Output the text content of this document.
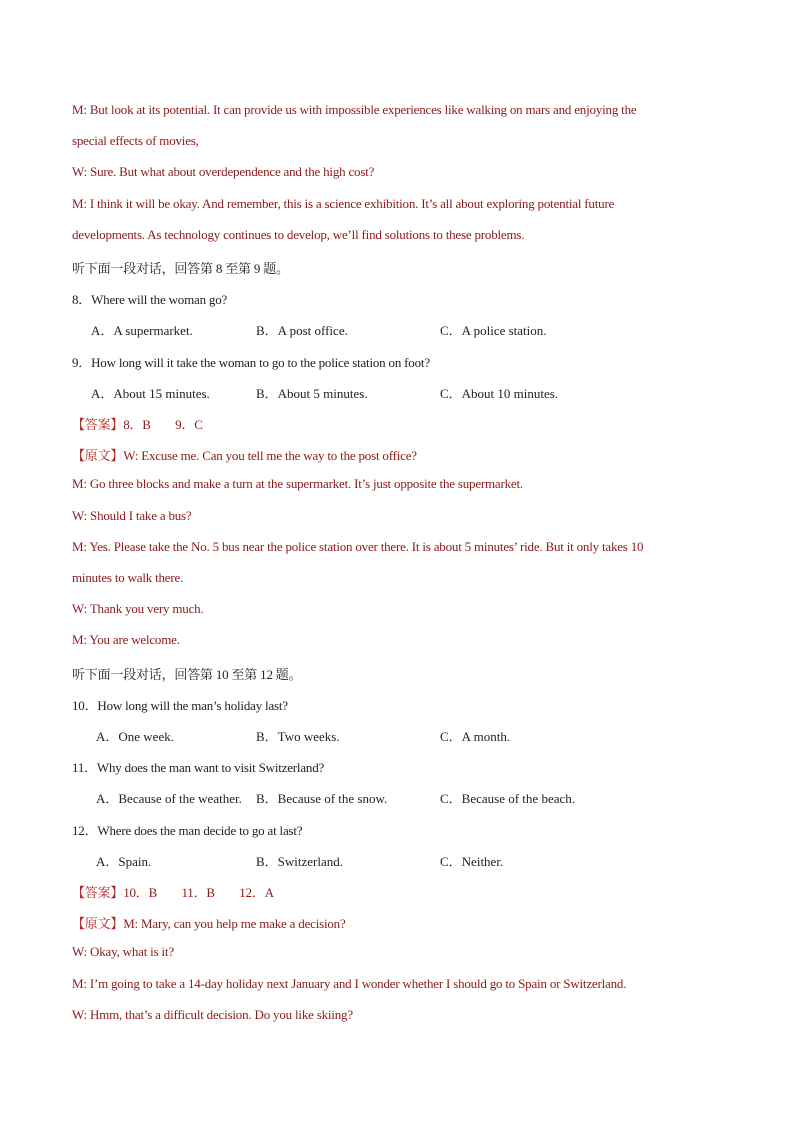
M: But look at its potential. It can provide us with impossible experiences like walking on mars and enjoying the
special effects of movies,
W: Sure. But what about overdependence and the high cost?
M: I think it will be okay. And remember, this is a science exhibition. It’s all about exploring potential future
developments. As technology continues to develop, we’ll find solutions to these problems.
听下面一段对话，回答第 8 至第 9 题。
8．Where will the woman go?
A．A supermarket.	B．A post office.	C．A police station.
9．How long will it take the woman to go to the police station on foot?
A．About 15 minutes.	B．About 5 minutes.	C．About 10 minutes.
【答案】8．B        9．C
【原文】W: Excuse me. Can you tell me the way to the post office?
M: Go three blocks and make a turn at the supermarket. It’s just opposite the supermarket.
W: Should I take a bus?
M: Yes. Please take the No. 5 bus near the police station over there. It is about 5 minutes’ ride. But it only takes 10
minutes to walk there.
W: Thank you very much.
M: You are welcome.
听下面一段对话，回答第 10 至第 12 题。
10．How long will the man’s holiday last?
A．One week.	B．Two weeks.	C．A month.
11．Why does the man want to visit Switzerland?
A．Because of the weather. B．Because of the snow.	C．Because of the beach.
12．Where does the man decide to go at last?
A．Spain.	B．Switzerland.	C．Neither.
【答案】10．B        11．B        12．A
【原文】M: Mary, can you help me make a decision?
W: Okay, what is it?
M: I’m going to take a 14-day holiday next January and I wonder whether I should go to Spain or Switzerland.
W: Hmm, that’s a difficult decision. Do you like skiing?
